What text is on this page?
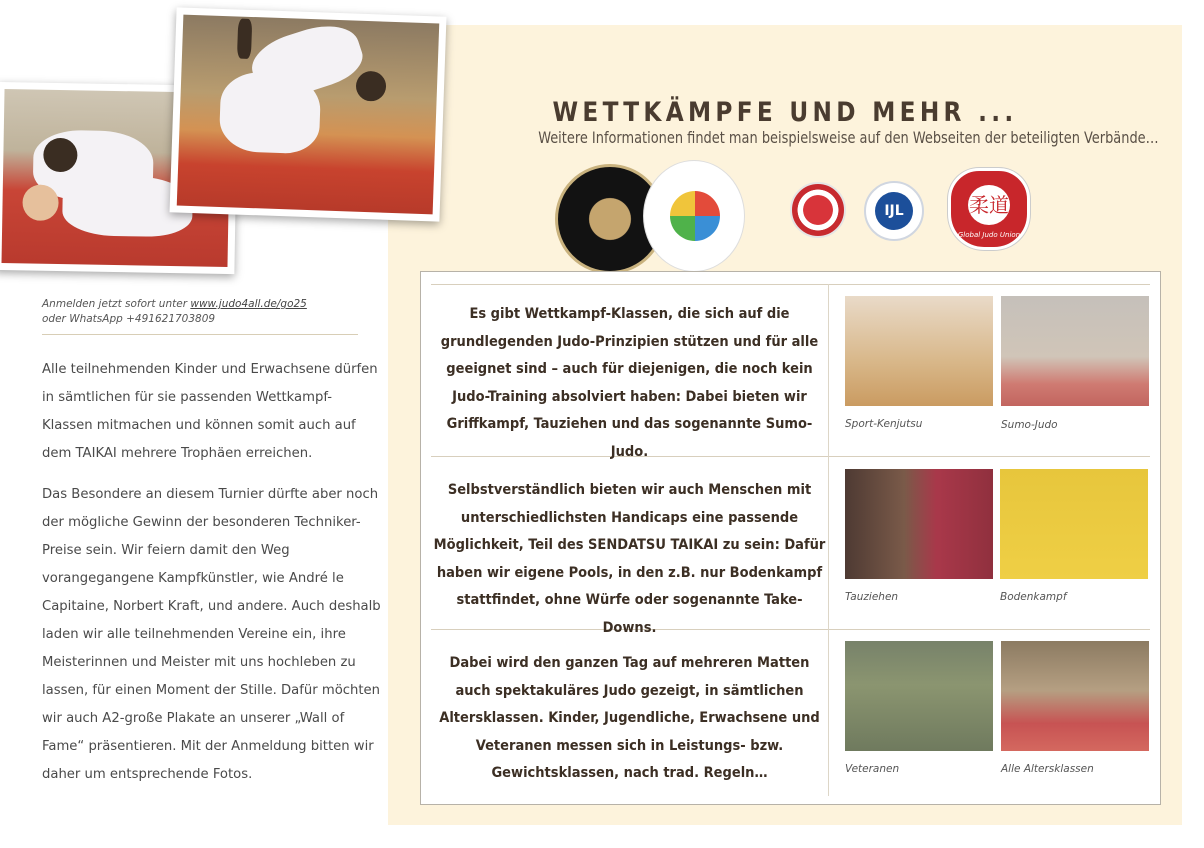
Anmelden jetzt sofort unter www.judo4all.de/go25
oder WhatsApp +491621703809

Alle teilnehmenden Kinder und Erwachsene dürfen in sämtlichen für sie passenden Wettkampf-Klassen mitmachen und können somit auch auf dem TAIKAI mehrere Trophäen erreichen.

Das Besondere an diesem Turnier dürfte aber noch der mögliche Gewinn der besonderen Techniker-Preise sein. Wir feiern damit den Weg vorangegangene Kampfkünstler, wie André le Capitaine, Norbert Kraft, und andere. Auch deshalb laden wir alle teilnehmenden Vereine ein, ihre Meisterinnen und Meister mit uns hochleben zu lassen, für einen Moment der Stille. Dafür möchten wir auch A2-große Plakate an unserer „Wall of Fame“ präsentieren. Mit der Anmeldung bitten wir daher um entsprechende Fotos.

WETTKÄMPFE UND MEHR ...
Weitere Informationen findet man beispielsweise auf den Webseiten der beteiligten Verbände…
IJL	柔道
Global Judo Union
Es gibt Wettkampf-Klassen, die sich auf die grundlegenden Judo-Prinzipien stützen und für alle geeignet sind – auch für diejenigen, die noch kein Judo-Training absolviert haben: Dabei bieten wir Griffkampf, Tauziehen und das sogenannte Sumo-Judo.
Sport-Kenjutsu	Sumo-Judo
Selbstverständlich bieten wir auch Menschen mit unterschiedlichsten Handicaps eine passende Möglichkeit, Teil des SENDATSU TAIKAI zu sein: Dafür haben wir eigene Pools, in den z.B. nur Bodenkampf stattfindet, ohne Würfe oder sogenannte Take-Downs.
Tauziehen	Bodenkampf
Dabei wird den ganzen Tag auf mehreren Matten auch spektakuläres Judo gezeigt, in sämtlichen Altersklassen. Kinder, Jugendliche, Erwachsene und Veteranen messen sich in Leistungs- bzw. Gewichtsklassen, nach trad. Regeln…	Veteranen	Alle Altersklassen
